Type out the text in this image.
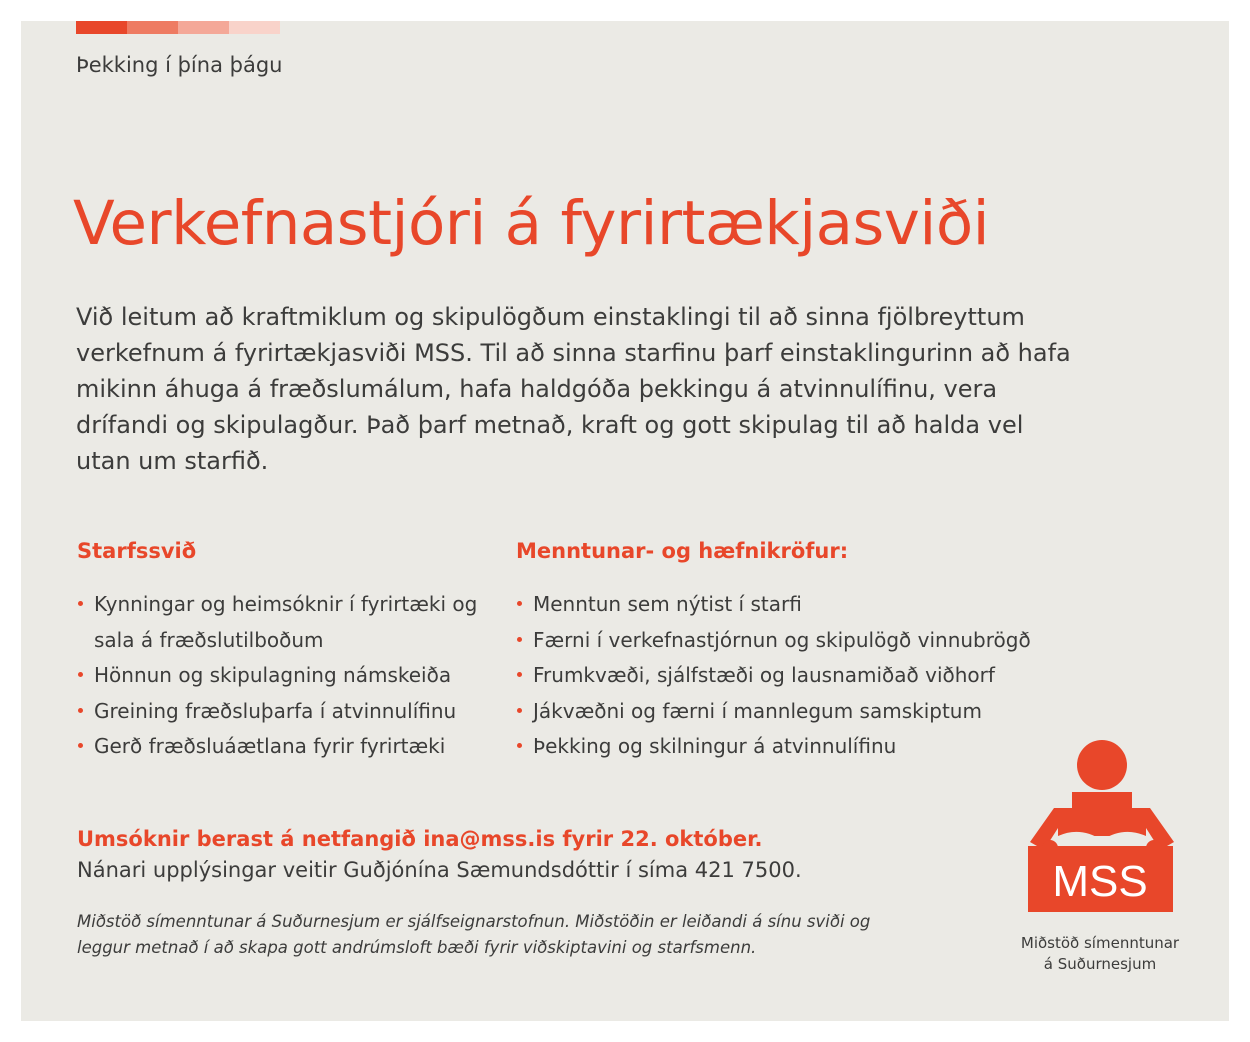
Þekking í þína þágu
Verkefnastjóri á fyrirtækjasviði

Við leitum að kraftmiklum og skipulögðum einstaklingi til að sinna fjölbreyttum verkefnum á fyrirtækjasviði MSS. Til að sinna starfinu þarf einstaklingurinn að hafa mikinn áhuga á fræðslumálum, hafa haldgóða þekkingu á atvinnulífinu, vera drífandi og skipulagður. Það þarf metnað, kraft og gott skipulag til að halda vel utan um starfið.

Starfssvið
Kynningar og heimsóknir í fyrirtæki og sala á fræðslutilboðum
Hönnun og skipulagning námskeiða
Greining fræðsluþarfa í atvinnulífinu
Gerð fræðsluáætlana fyrir fyrirtæki
Menntunar- og hæfnikröfur:
Menntun sem nýtist í starfi
Færni í verkefnastjórnun og skipulögð vinnubrögð
Frumkvæði, sjálfstæði og lausnamiðað viðhorf
Jákvæðni og færni í mannlegum samskiptum
Þekking og skilningur á atvinnulífinu
Umsóknir berast á netfangið ina@mss.is fyrir 22. október.
Nánari upplýsingar veitir Guðjónína Sæmundsdóttir í síma 421 7500.
Miðstöð símenntunar á Suðurnesjum er sjálfseignarstofnun. Miðstöðin er leiðandi á sínu sviði og leggur metnað í að skapa gott andrúmsloft bæði fyrir viðskiptavini og starfsmenn.
MSS
Miðstöð símenntunar
á Suðurnesjum
